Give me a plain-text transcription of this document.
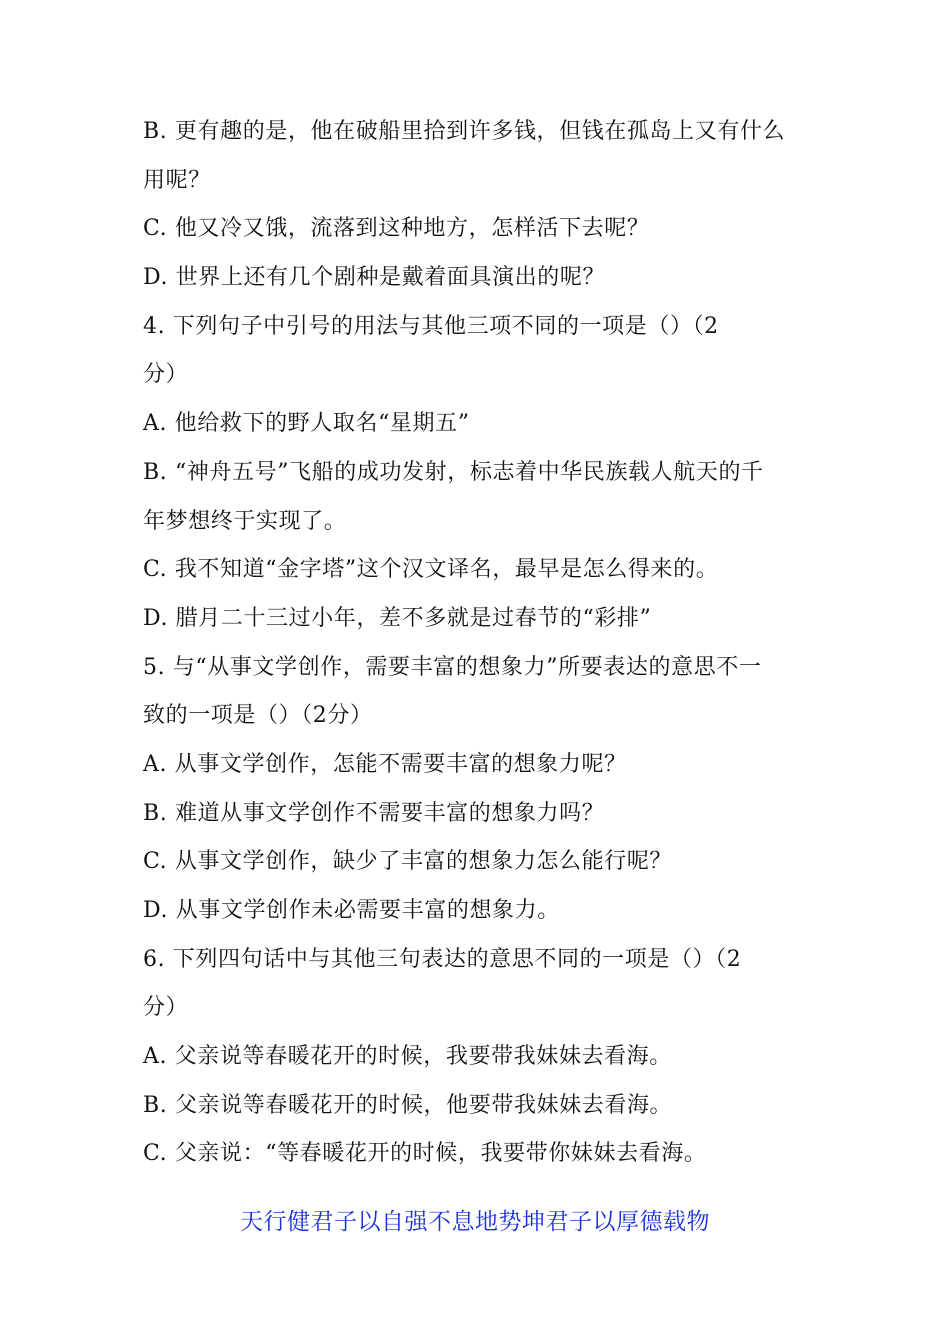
B. 更有趣的是，他在破船里拾到许多钱，但钱在孤岛上又有什么
用呢？
C. 他又冷又饿，流落到这种地方，怎样活下去呢？
D. 世界上还有几个剧种是戴着面具演出的呢？
4. 下列句子中引号的用法与其他三项不同的一项是（）（2
分）
A. 他给救下的野人取名“星期五”
B. “神舟五号”飞船的成功发射，标志着中华民族载人航天的千
年梦想终于实现了。
C. 我不知道“金字塔”这个汉文译名，最早是怎么得来的。
D. 腊月二十三过小年，差不多就是过春节的“彩排”
5. 与“从事文学创作，需要丰富的想象力”所要表达的意思不一
致的一项是（）（2分）
A. 从事文学创作，怎能不需要丰富的想象力呢？
B. 难道从事文学创作不需要丰富的想象力吗？
C. 从事文学创作，缺少了丰富的想象力怎么能行呢？
D. 从事文学创作未必需要丰富的想象力。
6. 下列四句话中与其他三句表达的意思不同的一项是（）（2
分）
A. 父亲说等春暖花开的时候，我要带我妹妹去看海。
B. 父亲说等春暖花开的时候，他要带我妹妹去看海。
C. 父亲说：“等春暖花开的时候，我要带你妹妹去看海。
天行健君子以自强不息地势坤君子以厚德载物
